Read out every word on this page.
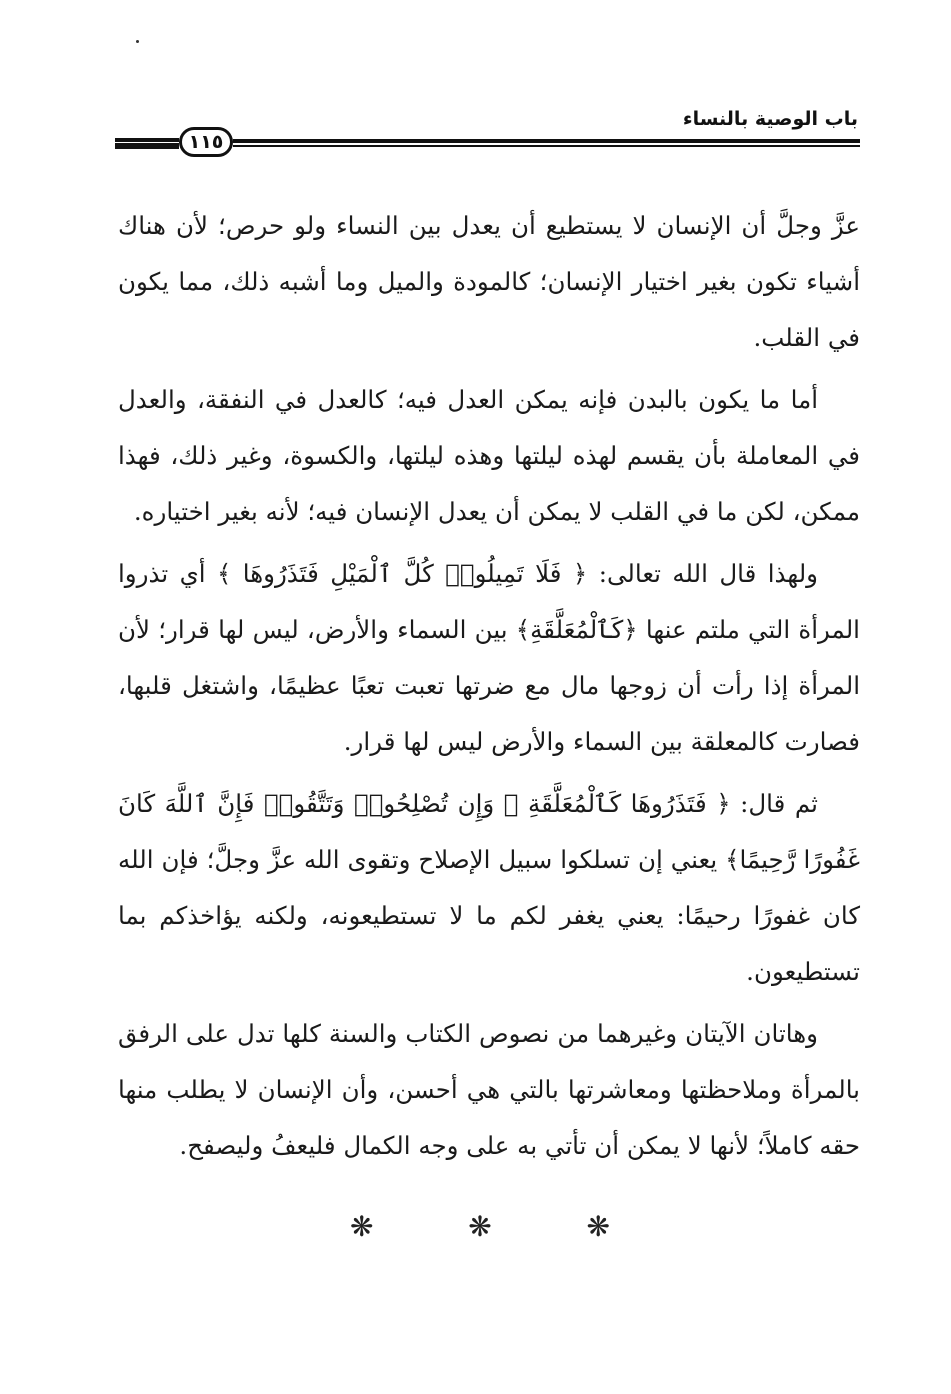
باب الوصية بالنساء
١١٥

عزَّ وجلَّ أن الإنسان لا يستطيع أن يعدل بين النساء ولو حرص؛ لأن هناك أشياء تكون بغير اختيار الإنسان؛ كالمودة والميل وما أشبه ذلك، مما يكون في القلب.

أما ما يكون بالبدن فإنه يمكن العدل فيه؛ كالعدل في النفقة، والعدل في المعاملة بأن يقسم لهذه ليلتها وهذه ليلتها، والكسوة، وغير ذلك، فهذا ممكن، لكن ما في القلب لا يمكن أن يعدل الإنسان فيه؛ لأنه بغير اختياره.

ولهذا قال الله تعالى: ﴿ فَلَا تَمِيلُوا۟ كُلَّ ٱلْمَيْلِ فَتَذَرُوهَا ﴾ أي تذروا المرأة التي ملتم عنها ﴿كَٱلْمُعَلَّقَةِ﴾ بين السماء والأرض، ليس لها قرار؛ لأن المرأة إذا رأت أن زوجها مال مع ضرتها تعبت تعبًا عظيمًا، واشتغل قلبها، فصارت كالمعلقة بين السماء والأرض ليس لها قرار.

ثم قال: ﴿ فَتَذَرُوهَا كَٱلْمُعَلَّقَةِ ۚ وَإِن تُصْلِحُوا۟ وَتَتَّقُوا۟ فَإِنَّ ٱللَّهَ كَانَ غَفُورًا رَّحِيمًا﴾ يعني إن تسلكوا سبيل الإصلاح وتقوى الله عزَّ وجلَّ؛ فإن الله كان غفورًا رحيمًا: يعني يغفر لكم ما لا تستطيعونه، ولكنه يؤاخذكم بما تستطيعون.

وهاتان الآيتان وغيرهما من نصوص الكتاب والسنة كلها تدل على الرفق بالمرأة وملاحظتها ومعاشرتها بالتي هي أحسن، وأن الإنسان لا يطلب منها حقه كاملاً؛ لأنها لا يمكن أن تأتي به على وجه الكمال فليعفُ وليصفح.

❋	❋	❋
